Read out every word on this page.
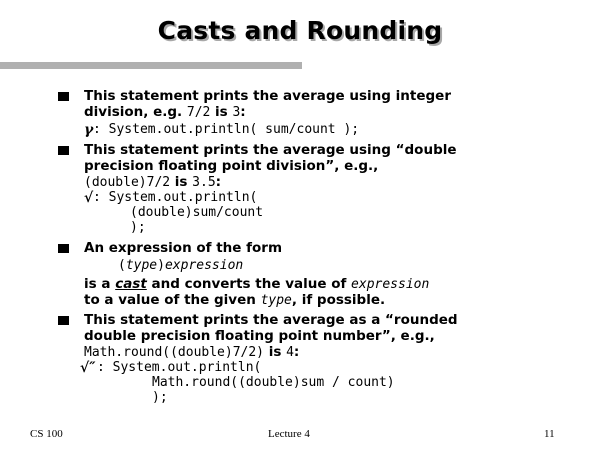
Casts and Rounding
This statement prints the average using integer
division, e.g. 7/2 is 3:
γ : System.out.println( sum/count );
This statement prints the average using “double
precision floating point division”, e.g.,
(double)7/2 is 3.5:
√ : System.out.println(
(double)sum/count
);
An expression of the form
(type)expression
is a cast and converts the value of expression
to a value of the given type, if possible.
This statement prints the average as a “rounded
double precision floating point number”, e.g.,
Math.round((double)7/2) is 4:
√″ : System.out.println(
Math.round((double)sum / count)
);
CS 100	Lecture 4	11
